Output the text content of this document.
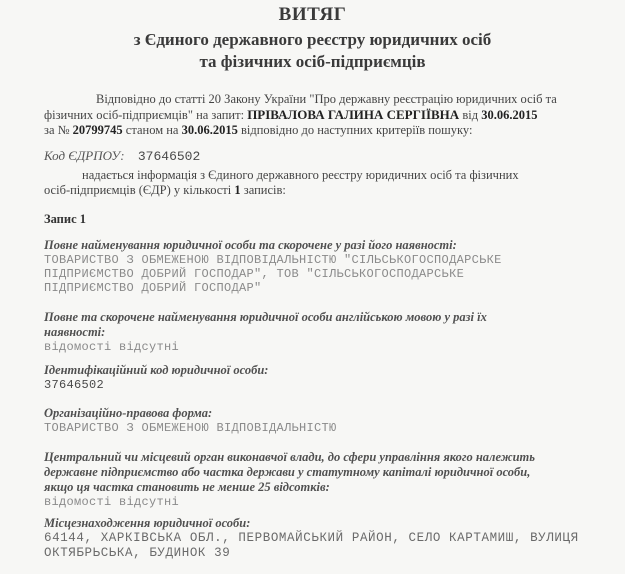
ВИТЯГ
з Єдиного державного реєстру юридичних осіб
та фізичних осіб-підприємців
Відповідно до статті 20 Закону України "Про державну реєстрацію юридичних осіб та
фізичних осіб-підприємців" на запит: ПРІВАЛОВА ГАЛИНА СЕРГІЇВНА від 30.06.2015
за № 20799745 станом на 30.06.2015 відповідно до наступних критеріїв пошуку:
Код ЄДРПОУ: 37646502
надається інформація з Єдиного державного реєстру юридичних осіб та фізичних
осіб-підприємців (ЄДР) у кількості 1 записів:
Запис 1
Повне найменування юридичної особи та скорочене у разі його наявності:
ТОВАРИСТВО З ОБМЕЖЕНОЮ ВІДПОВІДАЛЬНІСТЮ "СІЛЬСЬКОГОСПОДАРСЬКЕ
ПІДПРИЄМСТВО ДОБРИЙ ГОСПОДАР", ТОВ "СІЛЬСЬКОГОСПОДАРСЬКЕ
ПІДПРИЄМСТВО ДОБРИЙ ГОСПОДАР"
Повне та скорочене найменування юридичної особи англійською мовою у разі їх
наявності:
відомості відсутні
Ідентифікаційний код юридичної особи:
37646502
Організаційно-правова форма:
ТОВАРИСТВО З ОБМЕЖЕНОЮ ВІДПОВІДАЛЬНІСТЮ
Центральний чи місцевий орган виконавчої влади, до сфери управління якого належить
державне підприємство або частка держави у статутному капіталі юридичної особи,
якщо ця частка становить не менше 25 відсотків:
відомості відсутні
Місцезнаходження юридичної особи:
64144, ХАРКІВСЬКА ОБЛ., ПЕРВОМАЙСЬКИЙ РАЙОН, СЕЛО КАРТАМИШ, ВУЛИЦЯ
ОКТЯБРЬСЬКА, БУДИНОК 39
